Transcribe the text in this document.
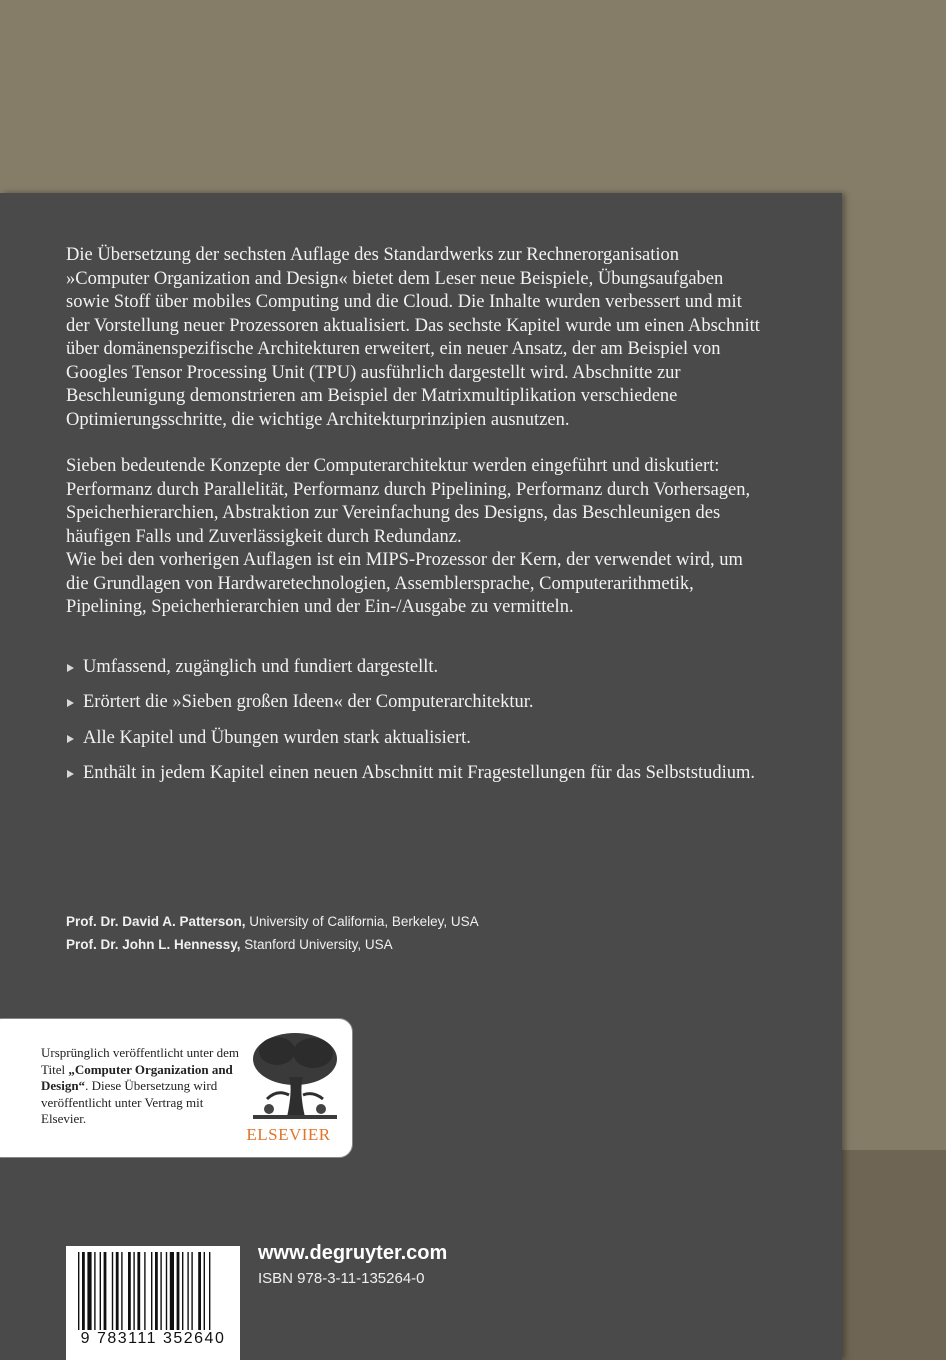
Die Übersetzung der sechsten Auflage des Standardwerks zur Rechnerorganisation »Computer Organization and Design« bietet dem Leser neue Beispiele, Übungsaufgaben sowie Stoff über mobiles Computing und die Cloud. Die Inhalte wurden verbessert und mit der Vorstellung neuer Prozessoren aktualisiert. Das sechste Kapitel wurde um einen Abschnitt über domänenspezifische Architekturen erweitert, ein neuer Ansatz, der am Beispiel von Googles Tensor Processing Unit (TPU) ausführlich dargestellt wird. Abschnitte zur Beschleunigung demonstrieren am Beispiel der Matrixmultiplikation verschiedene Optimierungsschritte, die wichtige Architekturprinzipien ausnutzen.

Sieben bedeutende Konzepte der Computerarchitektur werden eingeführt und diskutiert: Performanz durch Parallelität, Performanz durch Pipelining, Performanz durch Vorhersagen, Speicherhierarchien, Abstraktion zur Vereinfachung des Designs, das Beschleunigen des häufigen Falls und Zuverlässigkeit durch Redundanz.
Wie bei den vorherigen Auflagen ist ein MIPS-Prozessor der Kern, der verwendet wird, um die Grundlagen von Hardwaretechnologien, Assemblersprache, Computerarithmetik, Pipelining, Speicherhierarchien und der Ein-/Ausgabe zu vermitteln.

Umfassend, zugänglich und fundiert dargestellt.
Erörtert die »Sieben großen Ideen« der Computerarchitektur.
Alle Kapitel und Übungen wurden stark aktualisiert.
Enthält in jedem Kapitel einen neuen Abschnitt mit Fragestellungen für das Selbststudium.
Prof. Dr. David A. Patterson, University of California, Berkeley, USA
Prof. Dr. John L. Hennessy, Stanford University, USA
Ursprünglich veröffentlicht unter dem Titel „Computer Organization and Design“. Diese Übersetzung wird veröffentlicht unter Vertrag mit Elsevier.
ELSEVIER
9 783111 352640
www.degruyter.com
ISBN 978-3-11-135264-0
